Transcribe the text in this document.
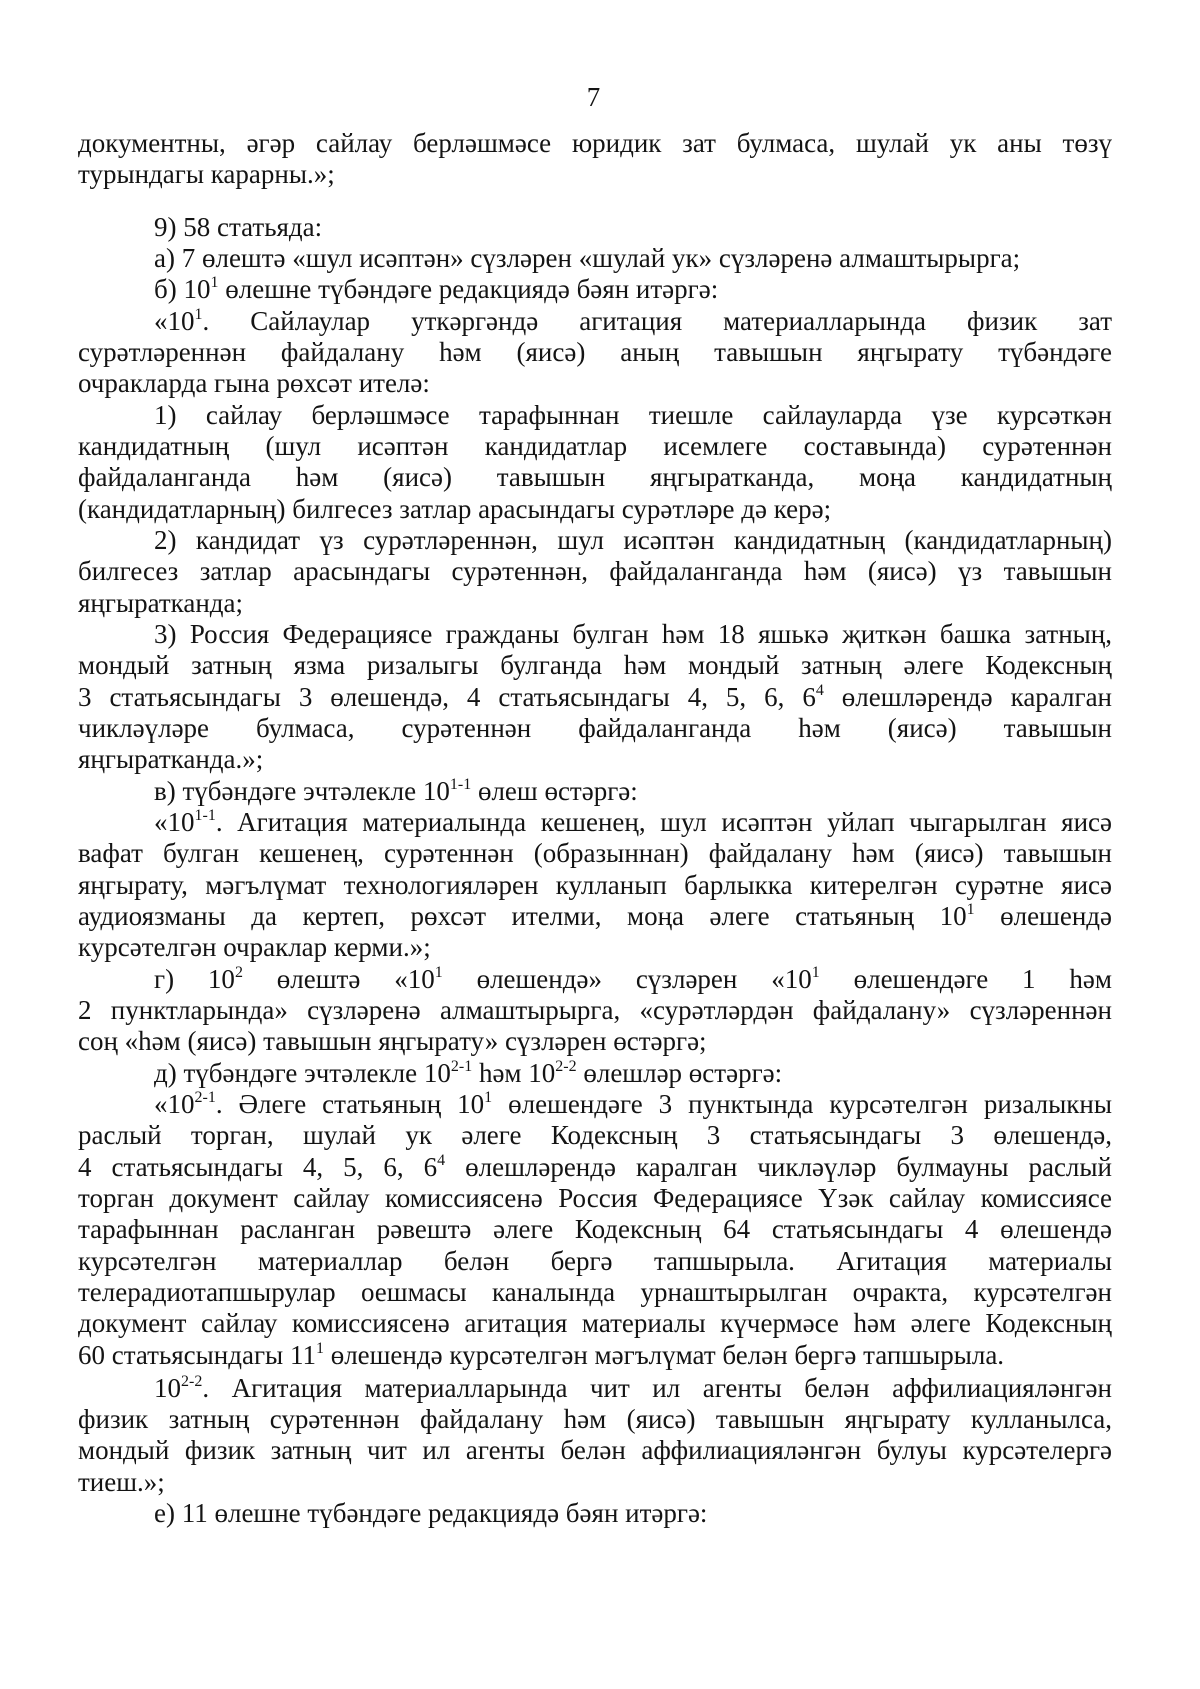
7
документны, әгәр сайлау берләшмәсе юридик зат булмаса, шулай ук аны төзү
турындагы карарны.»;
9) 58 статьяда:
а) 7 өлештә «шул исәптән» сүзләрен «шулай ук» сүзләренә алмаштырырга;
б) $10^1$ өлешне түбәндәге редакциядә бәян итәргә:
«$10^1$. Сайлаулар уткәргәндә агитация материалларында физик зат
сурәтләреннән файдалану һәм (яисә) аның тавышын яңгырату түбәндәге
очракларда гына рөхсәт ителә:
1) сайлау берләшмәсе тарафыннан тиешле сайлауларда үзе курсәткән
кандидатның (шул исәптән кандидатлар исемлеге составында) сурәтеннән
файдаланганда һәм (яисә) тавышын яңгыратканда, моңа кандидатның
(кандидатларның) билгесез затлар арасындагы сурәтләре дә керә;
2) кандидат үз сурәтләреннән, шул исәптән кандидатның (кандидатларның)
билгесез затлар арасындагы сурәтеннән, файдаланганда һәм (яисә) үз тавышын
яңгыратканда;
3) Россия Федерациясе гражданы булган һәм 18 яшькә җиткән башка затның,
мондый затның язма ризалыгы булганда һәм мондый затның әлеге Кодексның
3 статьясындагы 3 өлешендә, 4 статьясындагы 4, 5, 6, $6^4$ өлешләрендә каралган
чикләүләре булмаса, сурәтеннән файдаланганда һәм (яисә) тавышын
яңгыратканда.»;
в) түбәндәге эчтәлекле 10$^{1-1}$ өлеш өстәргә:
«10$^{1-1}$. Агитация материалында кешенең, шул исәптән уйлап чыгарылган яисә
вафат булган кешенең, сурәтеннән (образыннан) файдалану һәм (яисә) тавышын
яңгырату, мәгълүмат технологияләрен кулланып барлыкка китерелгән сурәтне яисә
аудиоязманы да кертеп, рөхсәт ителми, моңа әлеге статьяның $10^1$ өлешендә
курсәтелгән очраклар керми.»;
г) $10^2$ өлештә «$10^1$ өлешендә» сүзләрен «$10^1$ өлешендәге 1 һәм
2 пунктларында» сүзләренә алмаштырырга, «сурәтләрдән файдалану» сүзләреннән
соң «һәм (яисә) тавышын яңгырату» сүзләрен өстәргә;
д) түбәндәге эчтәлекле 10$^{2-1}$ һәм 10$^{2-2}$ өлешләр өстәргә:
«10$^{2-1}$. Әлеге статьяның $10^1$ өлешендәге 3 пунктында курсәтелгән ризалыкны
раслый торган, шулай ук әлеге Кодексның 3 статьясындагы 3 өлешендә,
4 статьясындагы 4, 5, 6, $6^4$ өлешләрендә каралган чикләүләр булмауны раслый
торган документ сайлау комиссиясенә Россия Федерациясе Үзәк сайлау комиссиясе
тарафыннан расланган рәвештә әлеге Кодексның 64 статьясындагы 4 өлешендә
курсәтелгән материаллар белән бергә тапшырыла. Агитация материалы
телерадиотапшырулар оешмасы каналында урнаштырылган очракта, курсәтелгән
документ сайлау комиссиясенә агитация материалы күчермәсе һәм әлеге Кодексның
60 статьясындагы $11^1$ өлешендә курсәтелгән мәгълүмат белән бергә тапшырыла.
10$^{2-2}$. Агитация материалларында чит ил агенты белән аффилиацияләнгән
физик затның сурәтеннән файдалану һәм (яисә) тавышын яңгырату кулланылса,
мондый физик затның чит ил агенты белән аффилиацияләнгән булуы курсәтелергә
тиеш.»;
е) 11 өлешне түбәндәге редакциядә бәян итәргә:
